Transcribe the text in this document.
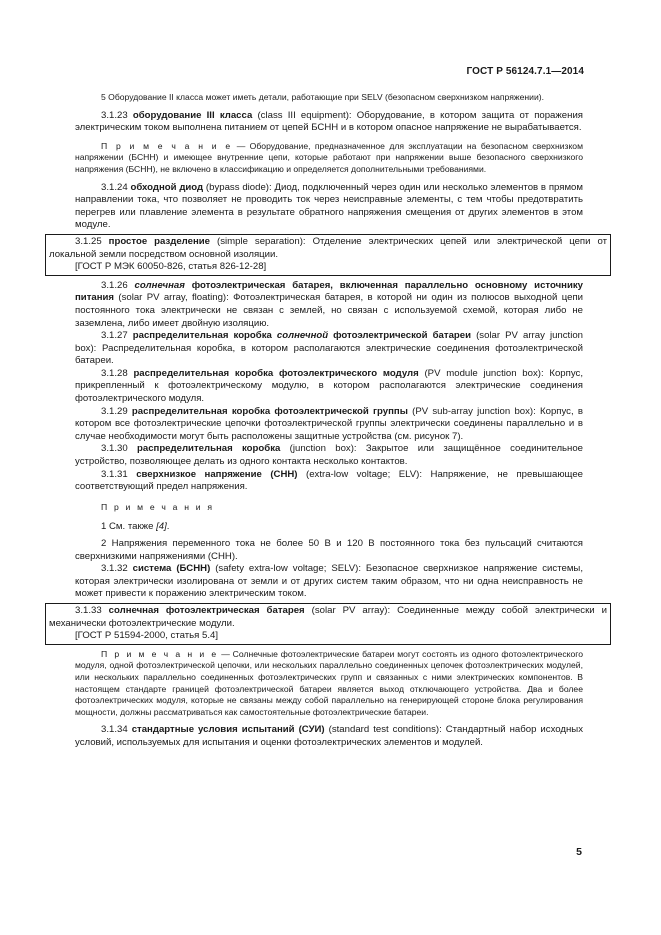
ГОСТ Р 56124.7.1—2014

5 Оборудование II класса может иметь детали, работающие при SELV (безопасном сверхнизком напряжении).

3.1.23 оборудование III класса (class III equipment): Оборудование, в котором защита от поражения электрическим током выполнена питанием от цепей БСНН и в котором опасное напряжение не вырабатывается.

П р и м е ч а н и е — Оборудование, предназначенное для эксплуатации на безопасном сверхнизком напряжении (БСНН) и имеющее внутренние цепи, которые работают при напряжении выше безопасного сверхнизкого напряжения (БСНН), не включено в классификацию и определяется дополнительными требованиями.

3.1.24 обходной диод (bypass diode): Диод, подключенный через один или несколько элементов в прямом направлении тока, что позволяет не проводить ток через неисправные элементы, с тем чтобы предотвратить перегрев или плавление элемента в результате обратного напряжения смещения от других элементов в этом модуле.

3.1.25 простое разделение (simple separation): Отделение электрических цепей или электрической цепи от локальной земли посредством основной изоляции.

[ГОСТ Р МЭК 60050-826, статья 826-12-28]

3.1.26 солнечная фотоэлектрическая батарея, включенная параллельно основному источнику питания (solar PV array, floating): Фотоэлектрическая батарея, в которой ни один из полюсов выходной цепи постоянного тока электрически не связан с землей, но связан с используемой схемой, которая либо не заземлена, либо имеет двойную изоляцию.

3.1.27 распределительная коробка солнечной фотоэлектрической батареи (solar PV array junction box): Распределительная коробка, в котором располагаются электрические соединения фотоэлектрической батареи.

3.1.28 распределительная коробка фотоэлектрического модуля (PV module junction box): Корпус, прикрепленный к фотоэлектрическому модулю, в котором располагаются электрические соединения фотоэлектрического модуля.

3.1.29 распределительная коробка фотоэлектрической группы (PV sub-array junction box): Корпус, в котором все фотоэлектрические цепочки фотоэлектрической группы электрически соединены параллельно и в случае необходимости могут быть расположены защитные устройства (см. рисунок 7).

3.1.30 распределительная коробка (junction box): Закрытое или защищённое соединительное устройство, позволяющее делать из одного контакта несколько контактов.

3.1.31 сверхнизкое напряжение (СНН) (extra-low voltage; ELV): Напряжение, не превышающее соответствующий предел напряжения.

П р и м е ч а н и я

1 См. также [4].

2 Напряжения переменного тока не более 50 В и 120 В постоянного тока без пульсаций считаются сверхнизкими напряжениями (СНН).

3.1.32 система (БСНН) (safety extra-low voltage; SELV): Безопасное сверхнизкое напряжение системы, которая электрически изолирована от земли и от других систем таким образом, что ни одна неисправность не может привести к поражению электрическим током.

3.1.33 солнечная фотоэлектрическая батарея (solar PV array): Соединенные между собой электрически и механически фотоэлектрические модули.

[ГОСТ Р 51594-2000, статья 5.4]

П р и м е ч а н и е — Солнечные фотоэлектрические батареи могут состоять из одного фотоэлектрического модуля, одной фотоэлектрической цепочки, или нескольких параллельно соединенных цепочек фотоэлектрических модулей, или нескольких параллельно соединенных фотоэлектрических групп и связанных с ними электрических компонентов. В настоящем стандарте границей фотоэлектрической батареи является выход отключающего устройства. Два и более фотоэлектрических модуля, которые не связаны между собой параллельно на генерирующей стороне блока регулирования мощности, должны рассматриваться как самостоятельные фотоэлектрические батареи.

3.1.34 стандартные условия испытаний (СУИ) (standard test conditions): Стандартный набор исходных условий, используемых для испытания и оценки фотоэлектрических элементов и модулей.

5
